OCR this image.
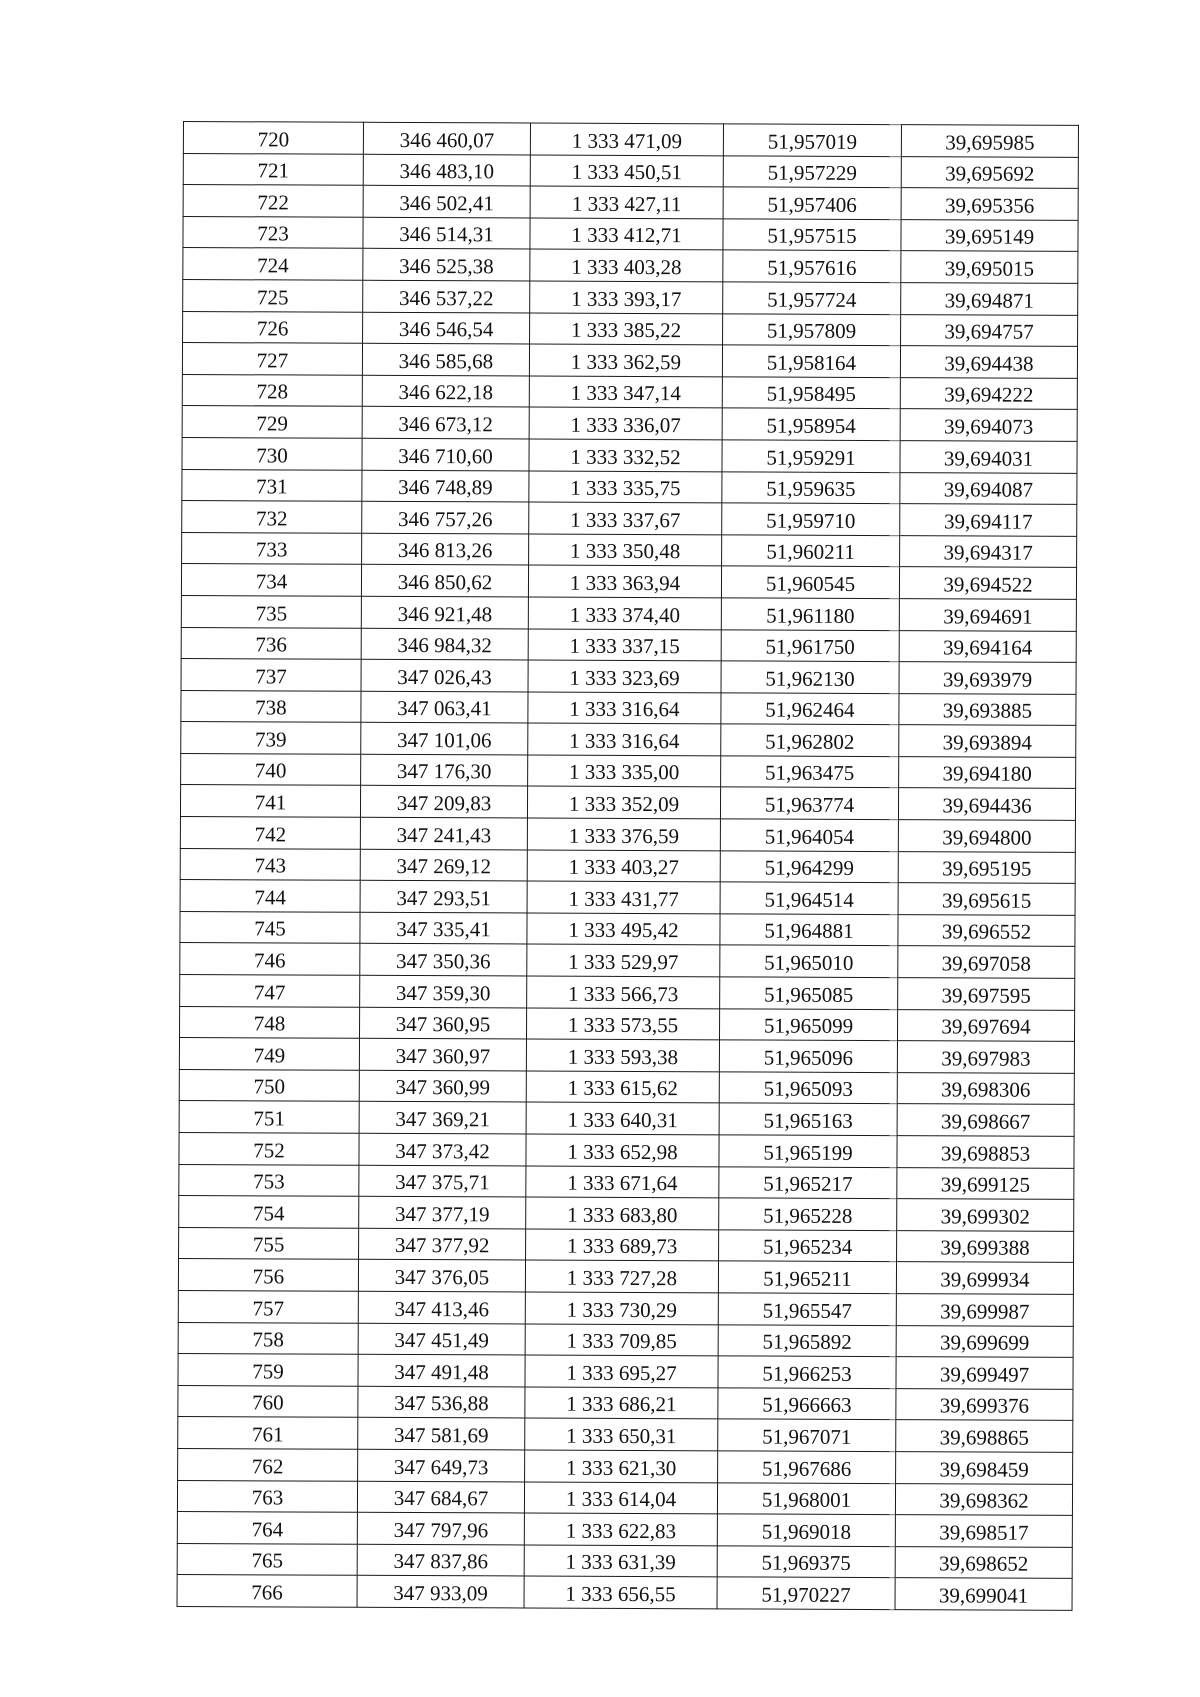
720	346 460,07	1 333 471,09	51,957019	39,695985
721	346 483,10	1 333 450,51	51,957229	39,695692
722	346 502,41	1 333 427,11	51,957406	39,695356
723	346 514,31	1 333 412,71	51,957515	39,695149
724	346 525,38	1 333 403,28	51,957616	39,695015
725	346 537,22	1 333 393,17	51,957724	39,694871
726	346 546,54	1 333 385,22	51,957809	39,694757
727	346 585,68	1 333 362,59	51,958164	39,694438
728	346 622,18	1 333 347,14	51,958495	39,694222
729	346 673,12	1 333 336,07	51,958954	39,694073
730	346 710,60	1 333 332,52	51,959291	39,694031
731	346 748,89	1 333 335,75	51,959635	39,694087
732	346 757,26	1 333 337,67	51,959710	39,694117
733	346 813,26	1 333 350,48	51,960211	39,694317
734	346 850,62	1 333 363,94	51,960545	39,694522
735	346 921,48	1 333 374,40	51,961180	39,694691
736	346 984,32	1 333 337,15	51,961750	39,694164
737	347 026,43	1 333 323,69	51,962130	39,693979
738	347 063,41	1 333 316,64	51,962464	39,693885
739	347 101,06	1 333 316,64	51,962802	39,693894
740	347 176,30	1 333 335,00	51,963475	39,694180
741	347 209,83	1 333 352,09	51,963774	39,694436
742	347 241,43	1 333 376,59	51,964054	39,694800
743	347 269,12	1 333 403,27	51,964299	39,695195
744	347 293,51	1 333 431,77	51,964514	39,695615
745	347 335,41	1 333 495,42	51,964881	39,696552
746	347 350,36	1 333 529,97	51,965010	39,697058
747	347 359,30	1 333 566,73	51,965085	39,697595
748	347 360,95	1 333 573,55	51,965099	39,697694
749	347 360,97	1 333 593,38	51,965096	39,697983
750	347 360,99	1 333 615,62	51,965093	39,698306
751	347 369,21	1 333 640,31	51,965163	39,698667
752	347 373,42	1 333 652,98	51,965199	39,698853
753	347 375,71	1 333 671,64	51,965217	39,699125
754	347 377,19	1 333 683,80	51,965228	39,699302
755	347 377,92	1 333 689,73	51,965234	39,699388
756	347 376,05	1 333 727,28	51,965211	39,699934
757	347 413,46	1 333 730,29	51,965547	39,699987
758	347 451,49	1 333 709,85	51,965892	39,699699
759	347 491,48	1 333 695,27	51,966253	39,699497
760	347 536,88	1 333 686,21	51,966663	39,699376
761	347 581,69	1 333 650,31	51,967071	39,698865
762	347 649,73	1 333 621,30	51,967686	39,698459
763	347 684,67	1 333 614,04	51,968001	39,698362
764	347 797,96	1 333 622,83	51,969018	39,698517
765	347 837,86	1 333 631,39	51,969375	39,698652
766	347 933,09	1 333 656,55	51,970227	39,699041
